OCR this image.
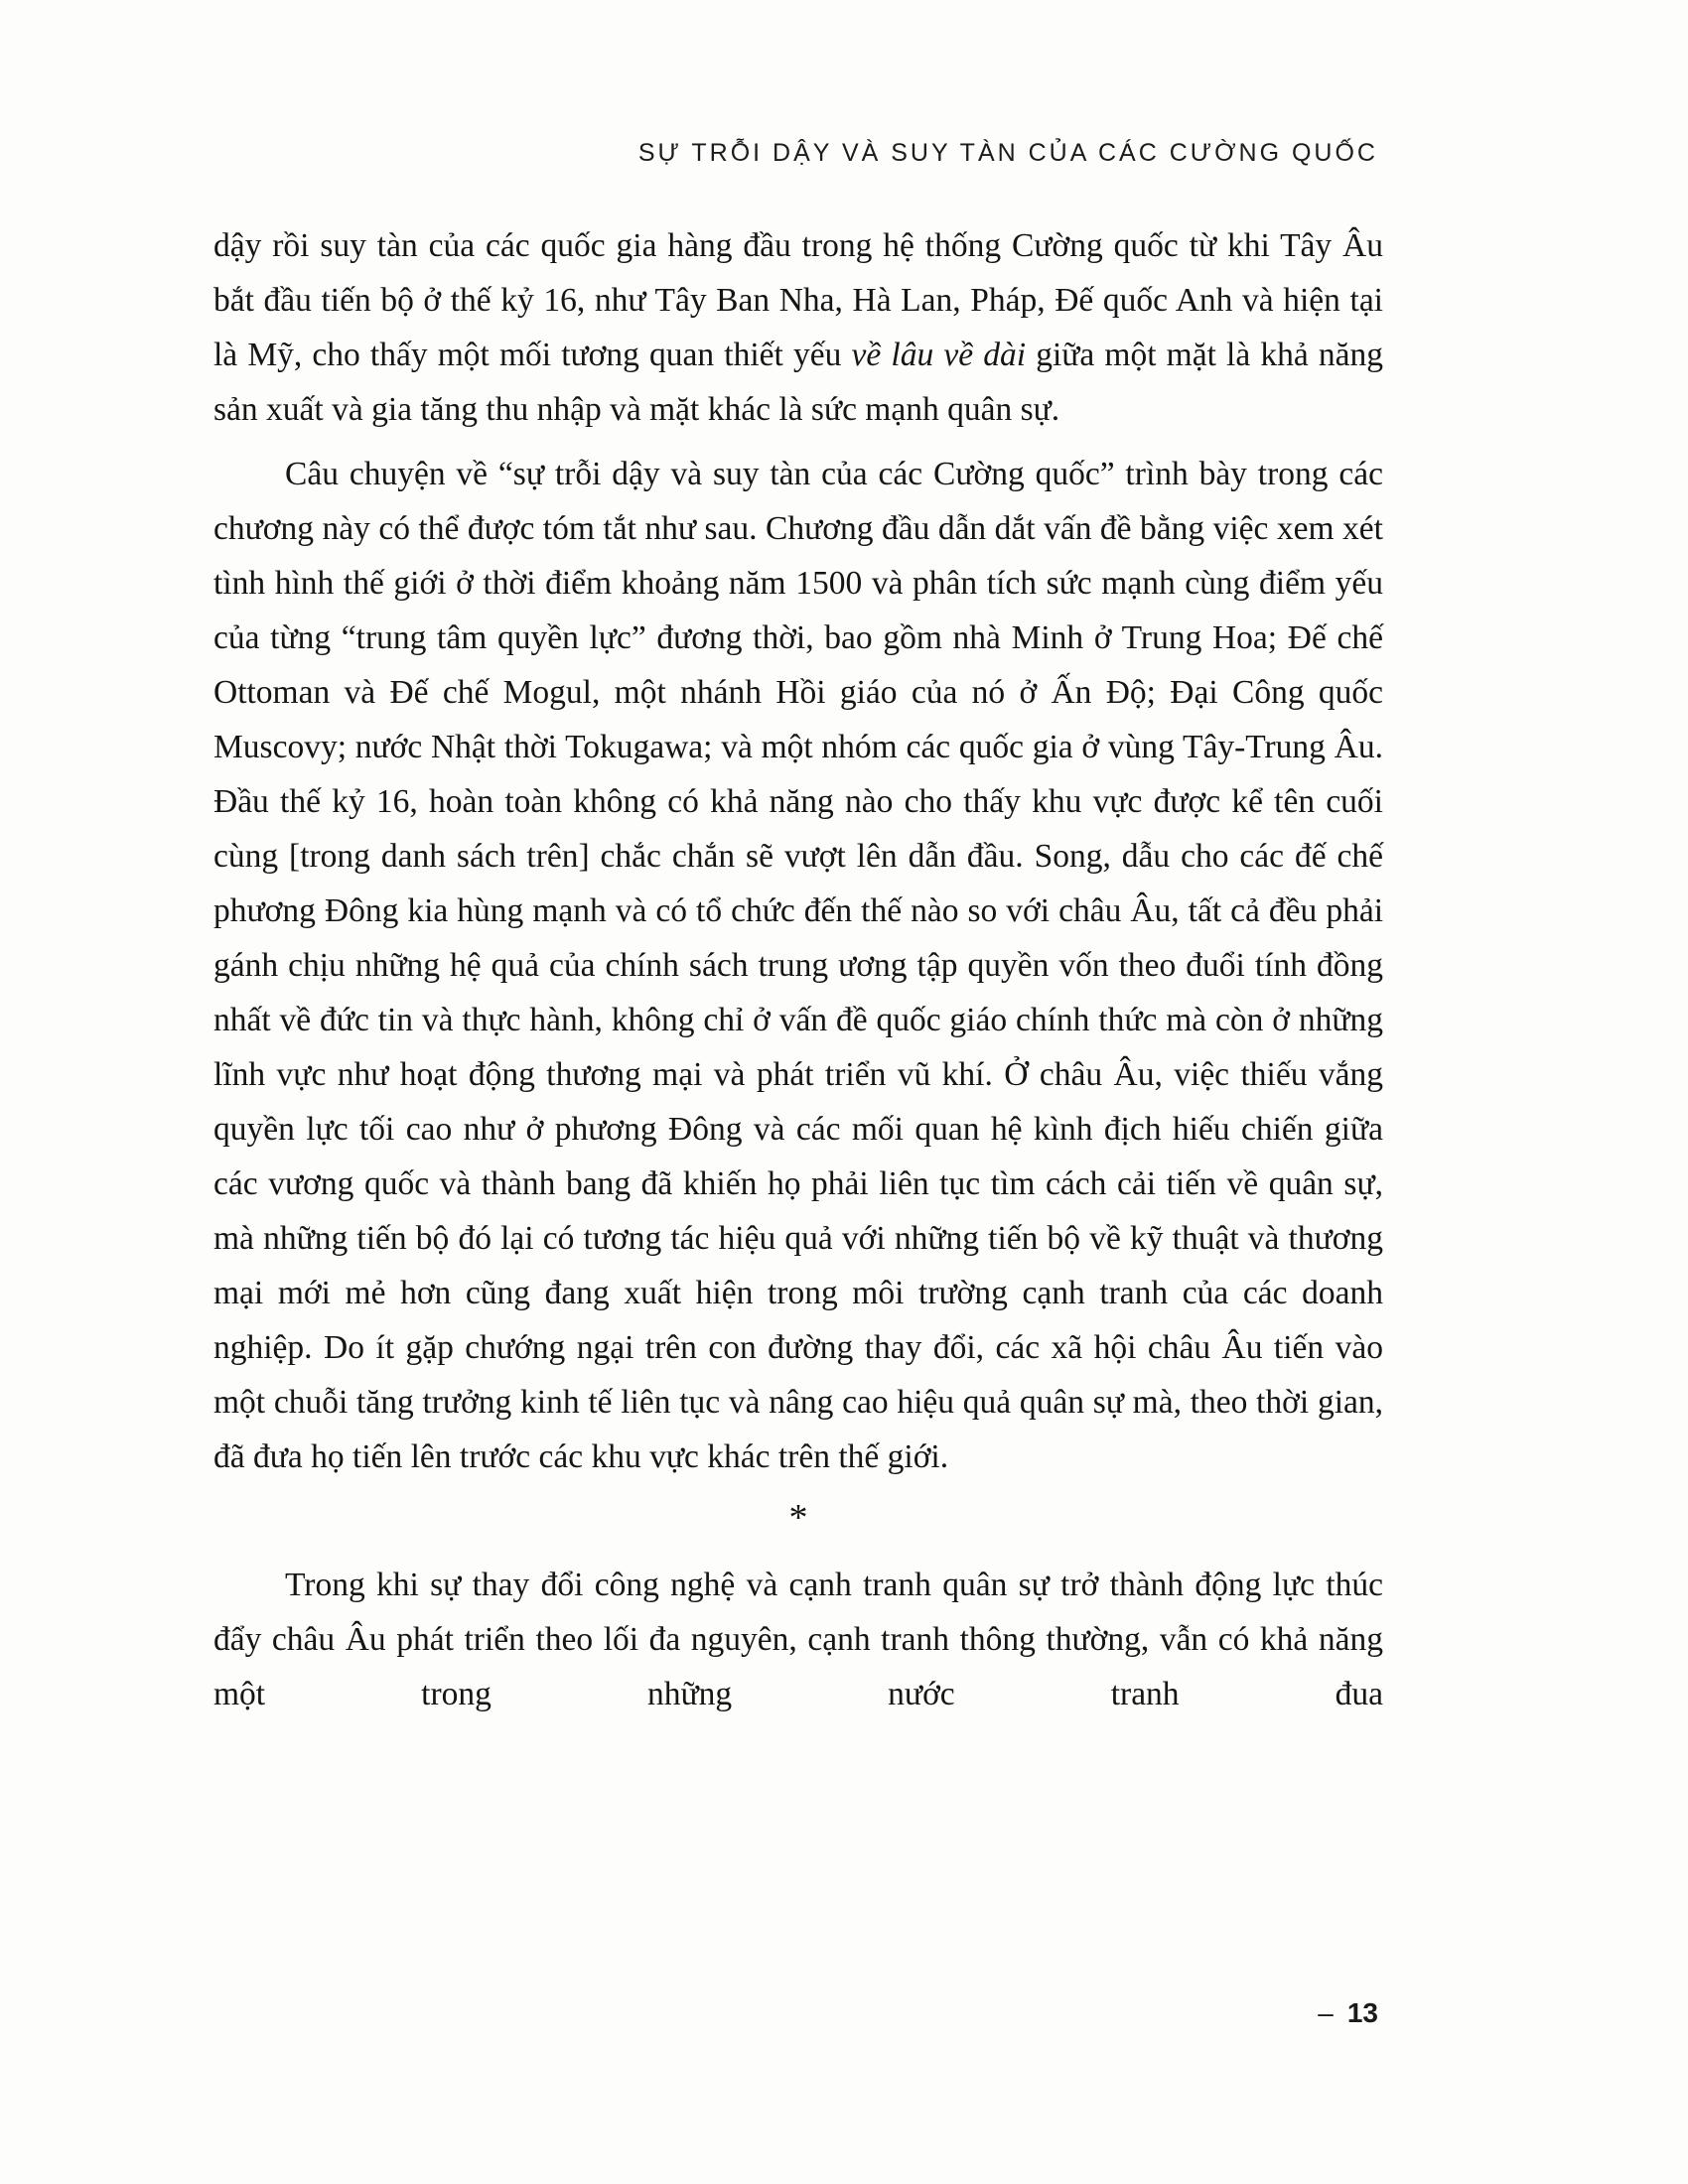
SỰ TRỖI DẬY VÀ SUY TÀN CỦA CÁC CƯỜNG QUỐC

dậy rồi suy tàn của các quốc gia hàng đầu trong hệ thống Cường quốc từ khi Tây Âu bắt đầu tiến bộ ở thế kỷ 16, như Tây Ban Nha, Hà Lan, Pháp, Đế quốc Anh và hiện tại là Mỹ, cho thấy một mối tương quan thiết yếu về lâu về dài giữa một mặt là khả năng sản xuất và gia tăng thu nhập và mặt khác là sức mạnh quân sự.

Câu chuyện về “sự trỗi dậy và suy tàn của các Cường quốc” trình bày trong các chương này có thể được tóm tắt như sau. Chương đầu dẫn dắt vấn đề bằng việc xem xét tình hình thế giới ở thời điểm khoảng năm 1500 và phân tích sức mạnh cùng điểm yếu của từng “trung tâm quyền lực” đương thời, bao gồm nhà Minh ở Trung Hoa; Đế chế Ottoman và Đế chế Mogul, một nhánh Hồi giáo của nó ở Ấn Độ; Đại Công quốc Muscovy; nước Nhật thời Tokugawa; và một nhóm các quốc gia ở vùng Tây-Trung Âu. Đầu thế kỷ 16, hoàn toàn không có khả năng nào cho thấy khu vực được kể tên cuối cùng [trong danh sách trên] chắc chắn sẽ vượt lên dẫn đầu. Song, dẫu cho các đế chế phương Đông kia hùng mạnh và có tổ chức đến thế nào so với châu Âu, tất cả đều phải gánh chịu những hệ quả của chính sách trung ương tập quyền vốn theo đuổi tính đồng nhất về đức tin và thực hành, không chỉ ở vấn đề quốc giáo chính thức mà còn ở những lĩnh vực như hoạt động thương mại và phát triển vũ khí. Ở châu Âu, việc thiếu vắng quyền lực tối cao như ở phương Đông và các mối quan hệ kình địch hiếu chiến giữa các vương quốc và thành bang đã khiến họ phải liên tục tìm cách cải tiến về quân sự, mà những tiến bộ đó lại có tương tác hiệu quả với những tiến bộ về kỹ thuật và thương mại mới mẻ hơn cũng đang xuất hiện trong môi trường cạnh tranh của các doanh nghiệp. Do ít gặp chướng ngại trên con đường thay đổi, các xã hội châu Âu tiến vào một chuỗi tăng trưởng kinh tế liên tục và nâng cao hiệu quả quân sự mà, theo thời gian, đã đưa họ tiến lên trước các khu vực khác trên thế giới.

*

Trong khi sự thay đổi công nghệ và cạnh tranh quân sự trở thành động lực thúc đẩy châu Âu phát triển theo lối đa nguyên, cạnh tranh thông thường, vẫn có khả năng một trong những nước tranh đua

– 13
